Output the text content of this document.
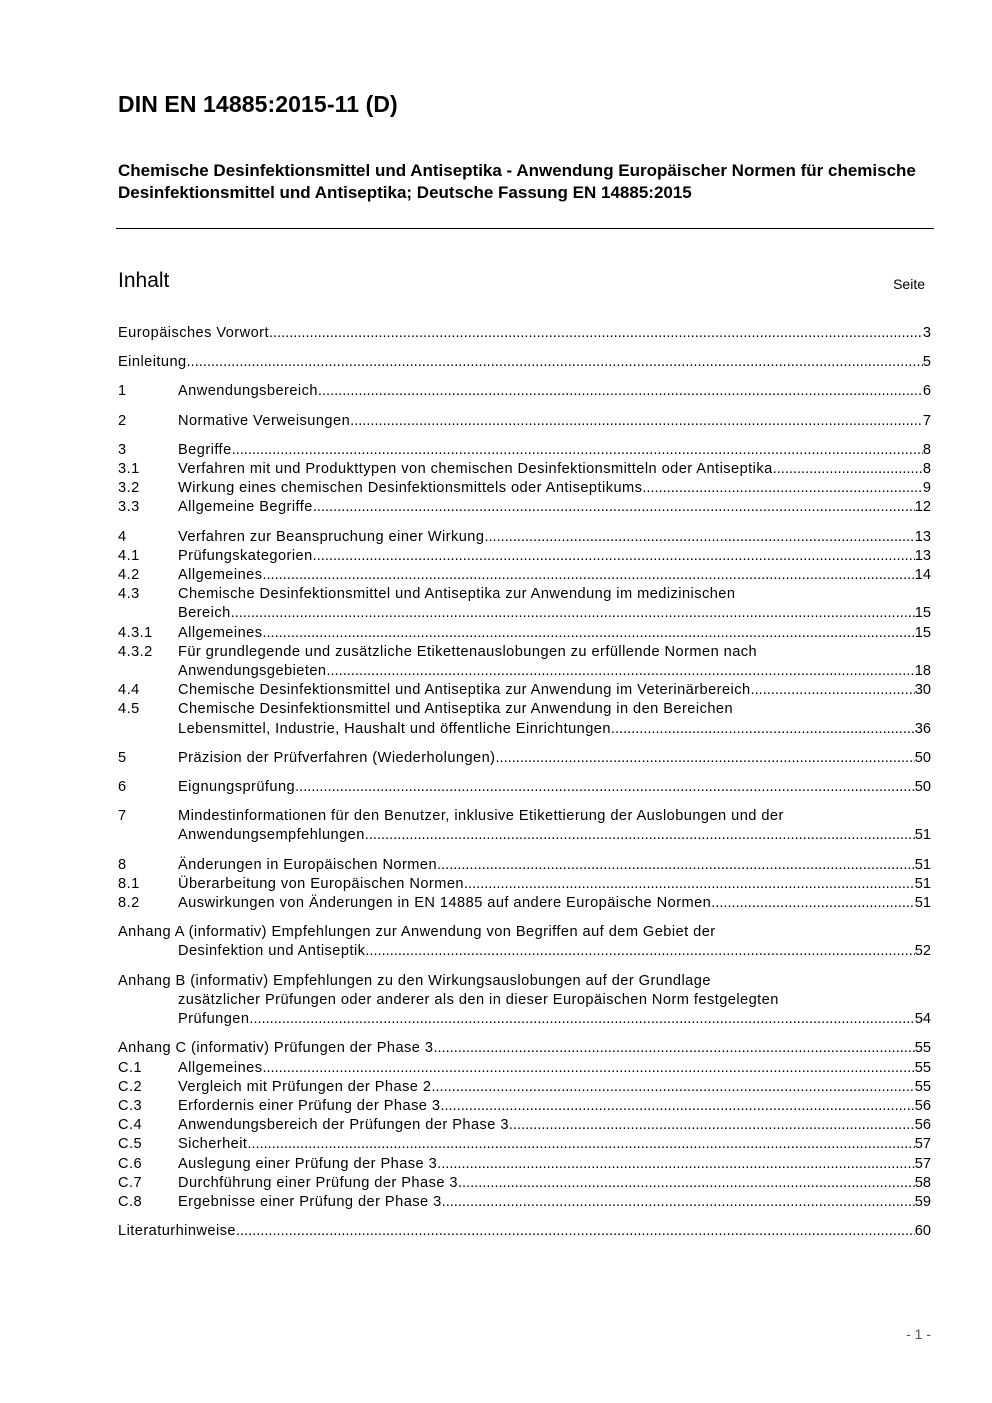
DIN EN 14885:2015-11 (D)
Chemische Desinfektionsmittel und Antiseptika - Anwendung Europäischer Normen für chemische Desinfektionsmittel und Antiseptika; Deutsche Fassung EN 14885:2015
Inhalt	Seite
Europäisches Vorwort .....	3
Einleitung .....	5
1	Anwendungsbereich .....	6
2	Normative Verweisungen .....	7
3	Begriffe .....	8
3.1	Verfahren mit und Produkttypen von chemischen Desinfektionsmitteln oder Antiseptika .....	8
3.2	Wirkung eines chemischen Desinfektionsmittels oder Antiseptikums .....	9
3.3	Allgemeine Begriffe .....	12
4	Verfahren zur Beanspruchung einer Wirkung .....	13
4.1	Prüfungskategorien .....	13
4.2	Allgemeines .....	14
4.3	Chemische Desinfektionsmittel und Antiseptika zur Anwendung im medizinischen
Bereich .....	15
4.3.1	Allgemeines .....	15
4.3.2	Für grundlegende und zusätzliche Etikettenauslobungen zu erfüllende Normen nach
Anwendungsgebieten .....	18
4.4	Chemische Desinfektionsmittel und Antiseptika zur Anwendung im Veterinärbereich .....	30
4.5	Chemische Desinfektionsmittel und Antiseptika zur Anwendung in den Bereichen
Lebensmittel, Industrie, Haushalt und öffentliche Einrichtungen .....	36
5	Präzision der Prüfverfahren (Wiederholungen) .....	50
6	Eignungsprüfung .....	50
7	Mindestinformationen für den Benutzer, inklusive Etikettierung der Auslobungen und der
Anwendungsempfehlungen .....	51
8	Änderungen in Europäischen Normen .....	51
8.1	Überarbeitung von Europäischen Normen .....	51
8.2	Auswirkungen von Änderungen in EN 14885 auf andere Europäische Normen .....	51
Anhang A (informativ) Empfehlungen zur Anwendung von Begriffen auf dem Gebiet der
Desinfektion und Antiseptik .....	52
Anhang B (informativ) Empfehlungen zu den Wirkungsauslobungen auf der Grundlage
zusätzlicher Prüfungen oder anderer als den in dieser Europäischen Norm festgelegten
Prüfungen .....	54
Anhang C (informativ) Prüfungen der Phase 3 .....	55
C.1	Allgemeines .....	55
C.2	Vergleich mit Prüfungen der Phase 2 .....	55
C.3	Erfordernis einer Prüfung der Phase 3 .....	56
C.4	Anwendungsbereich der Prüfungen der Phase 3 .....	56
C.5	Sicherheit .....	57
C.6	Auslegung einer Prüfung der Phase 3 .....	57
C.7	Durchführung einer Prüfung der Phase 3 .....	58
C.8	Ergebnisse einer Prüfung der Phase 3 .....	59
Literaturhinweise .....	60
- 1 -
